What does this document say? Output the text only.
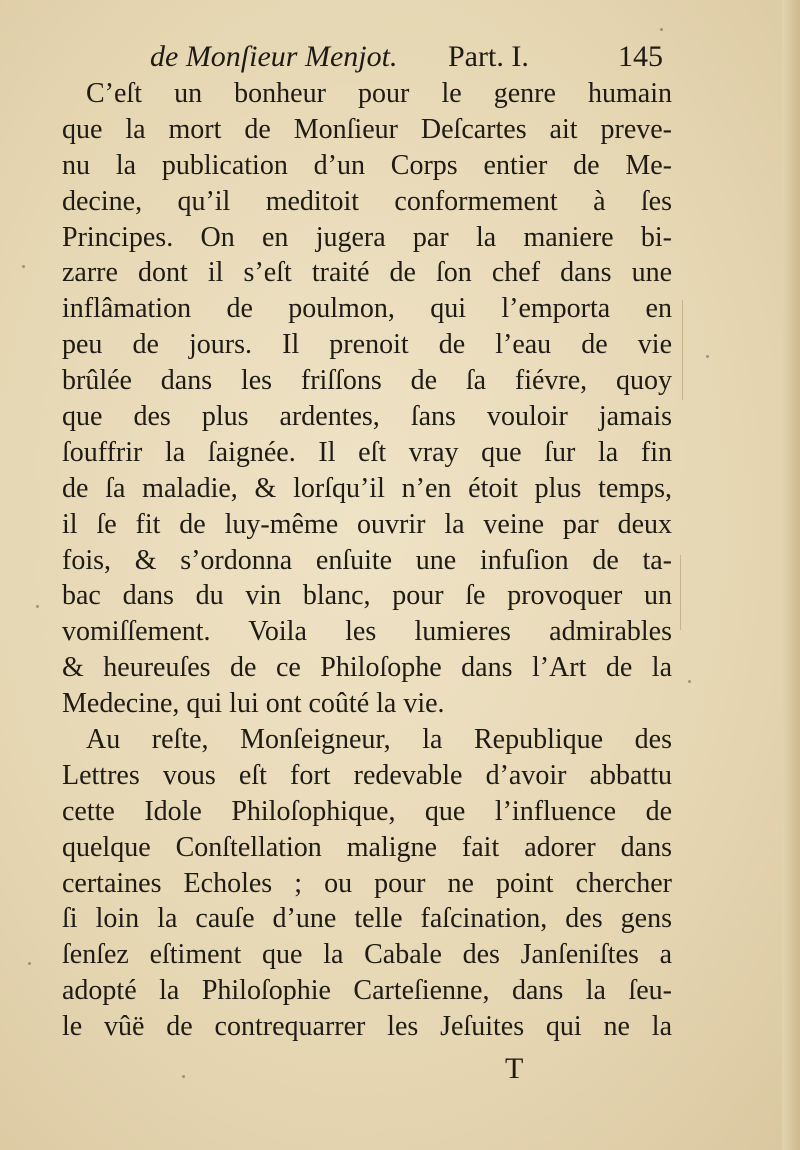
de Monſieur Menjot. Part. I.	145
C’eſt un bonheur pour le genre humain
que la mort de Monſieur Deſcartes ait preve-
nu la publication d’un Corps entier de Me-
decine, qu’il meditoit conformement à ſes
Principes. On en jugera par la maniere bi-
zarre dont il s’eſt traité de ſon chef dans une
inflâmation de poulmon, qui l’emporta en
peu de jours. Il prenoit de l’eau de vie
brûlée dans les friſſons de ſa fiévre, quoy
que des plus ardentes, ſans vouloir jamais
ſouffrir la ſaignée. Il eſt vray que ſur la fin
de ſa maladie, & lorſqu’il n’en étoit plus temps,
il ſe fit de luy-même ouvrir la veine par deux
fois, & s’ordonna enſuite une infuſion de ta-
bac dans du vin blanc, pour ſe provoquer un
vomiſſement. Voila les lumieres admirables
& heureuſes de ce Philoſophe dans l’Art de la
Medecine, qui lui ont coûté la vie.
Au reſte, Monſeigneur, la Republique des
Lettres vous eſt fort redevable d’avoir abbattu
cette Idole Philoſophique, que l’influence de
quelque Conſtellation maligne fait adorer dans
certaines Echoles ; ou pour ne point chercher
ſi loin la cauſe d’une telle faſcination, des gens
ſenſez eſtiment que la Cabale des Janſeniſtes a
adopté la Philoſophie Carteſienne, dans la ſeu-
le vûë de contrequarrer les Jeſuites qui ne la
T
